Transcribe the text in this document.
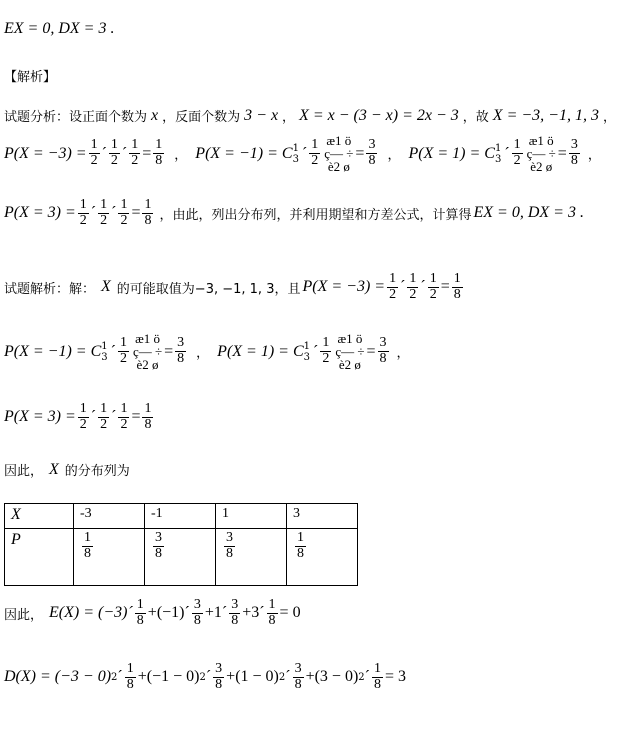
EX = 0, DX = 3 .
【解析】
试题分析：设正面个数为 x ，反面个数为 3 − x ， X = x − (3 − x) = 2x − 3 ，故 X = −3, −1, 1, 3 ，
$P(X = -3) = \frac{1}{2}$ ´ $\frac{1}{2}$ ´ $\frac{1}{2} = \frac{1}{8}$ ， P(X = −1) = C 1
3 ´ $\frac{1}{2}$ æ1 ö
ç— ÷
è2 ø
= $\frac{3}{8}$ ， P(X = 1) = C 1
3 ´ $\frac{1}{2}$ æ1 ö
ç— ÷
è2 ø
= $\frac{3}{8}$ ，
$P(X = 3) = \frac{1}{2}$ ´ $\frac{1}{2}$ ´ $\frac{1}{2} = \frac{1}{8}$ ，由此，列出分布列，并利用期望和方差公式，计算得 EX = 0, DX = 3 .
试题解析：解： X 的可能取值为−3, −1, 1, 3，且 $P(X = -3) = \frac{1}{2}$ ´ $\frac{1}{2}$ ´ $\frac{1}{2} = \frac{1}{8}$
P(X = −1) = C 1
3 ´ $\frac{1}{2}$ æ1 ö
ç— ÷
è2 ø
= $\frac{3}{8}$ ， P(X = 1) = C 1
3 ´ $\frac{1}{2}$ æ1 ö
ç— ÷
è2 ø
= $\frac{3}{8}$ ，
$P(X = 3) = \frac{1}{2}$ ´ $\frac{1}{2}$ ´ $\frac{1}{2} = \frac{1}{8}$
因此， X 的分布列为
X	-3	-1	1	3
P	$\frac{1}{8}$	$\frac{3}{8}$	$\frac{3}{8}$	$\frac{1}{8}$
因此， E(X) = (−3)´ $\frac{1}{8}$ +(−1)´ $\frac{3}{8}$ +1´ $\frac{3}{8}$ +3´ $\frac{1}{8} = 0$
D(X) = (−3 − 0) 2 ´ $\frac{1}{8} +(-1 - 0)$ 2 ´ $\frac{3}{8} +(1 - 0)$ 2 ´ $\frac{3}{8} +(3 - 0)$ 2 ´ $\frac{1}{8} = 3$
